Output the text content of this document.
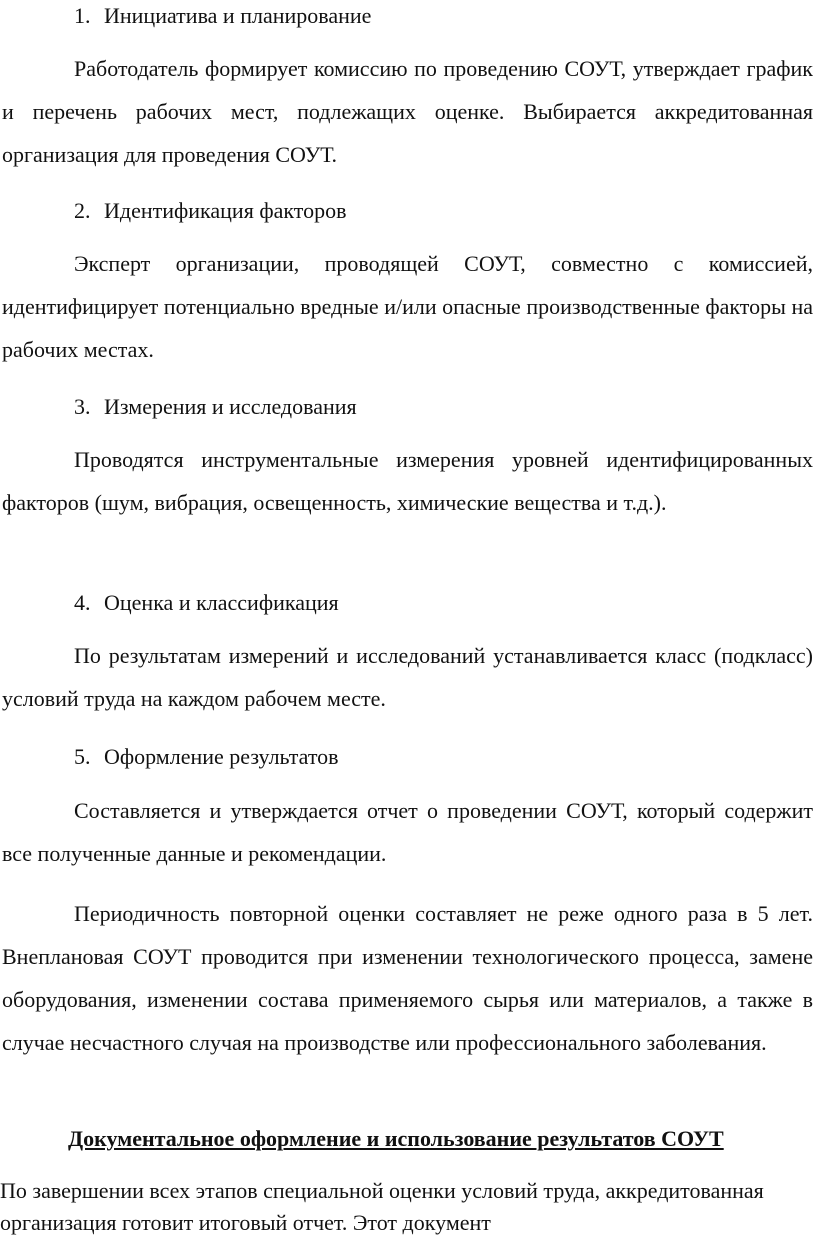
1. Инициатива и планирование
Работодатель формирует комиссию по проведению СОУТ, утверждает график и перечень рабочих мест, подлежащих оценке. Выбирается аккредитованная организация для проведения СОУТ.
2. Идентификация факторов
Эксперт организации, проводящей СОУТ, совместно с комиссией, идентифицирует потенциально вредные и/или опасные производственные факторы на рабочих местах.
3. Измерения и исследования
Проводятся инструментальные измерения уровней идентифицированных факторов (шум, вибрация, освещенность, химические вещества и т.д.).
4. Оценка и классификация
По результатам измерений и исследований устанавливается класс (подкласс) условий труда на каждом рабочем месте.
5. Оформление результатов
Составляется и утверждается отчет о проведении СОУТ, который содержит все полученные данные и рекомендации.
Периодичность повторной оценки составляет не реже одного раза в 5 лет. Внеплановая СОУТ проводится при изменении технологического процесса, замене оборудования, изменении состава применяемого сырья или материалов, а также в случае несчастного случая на производстве или профессионального заболевания.
Документальное оформление и использование результатов СОУТ
По завершении всех этапов специальной оценки условий труда, аккредитованная организация готовит итоговый отчет. Этот документ
